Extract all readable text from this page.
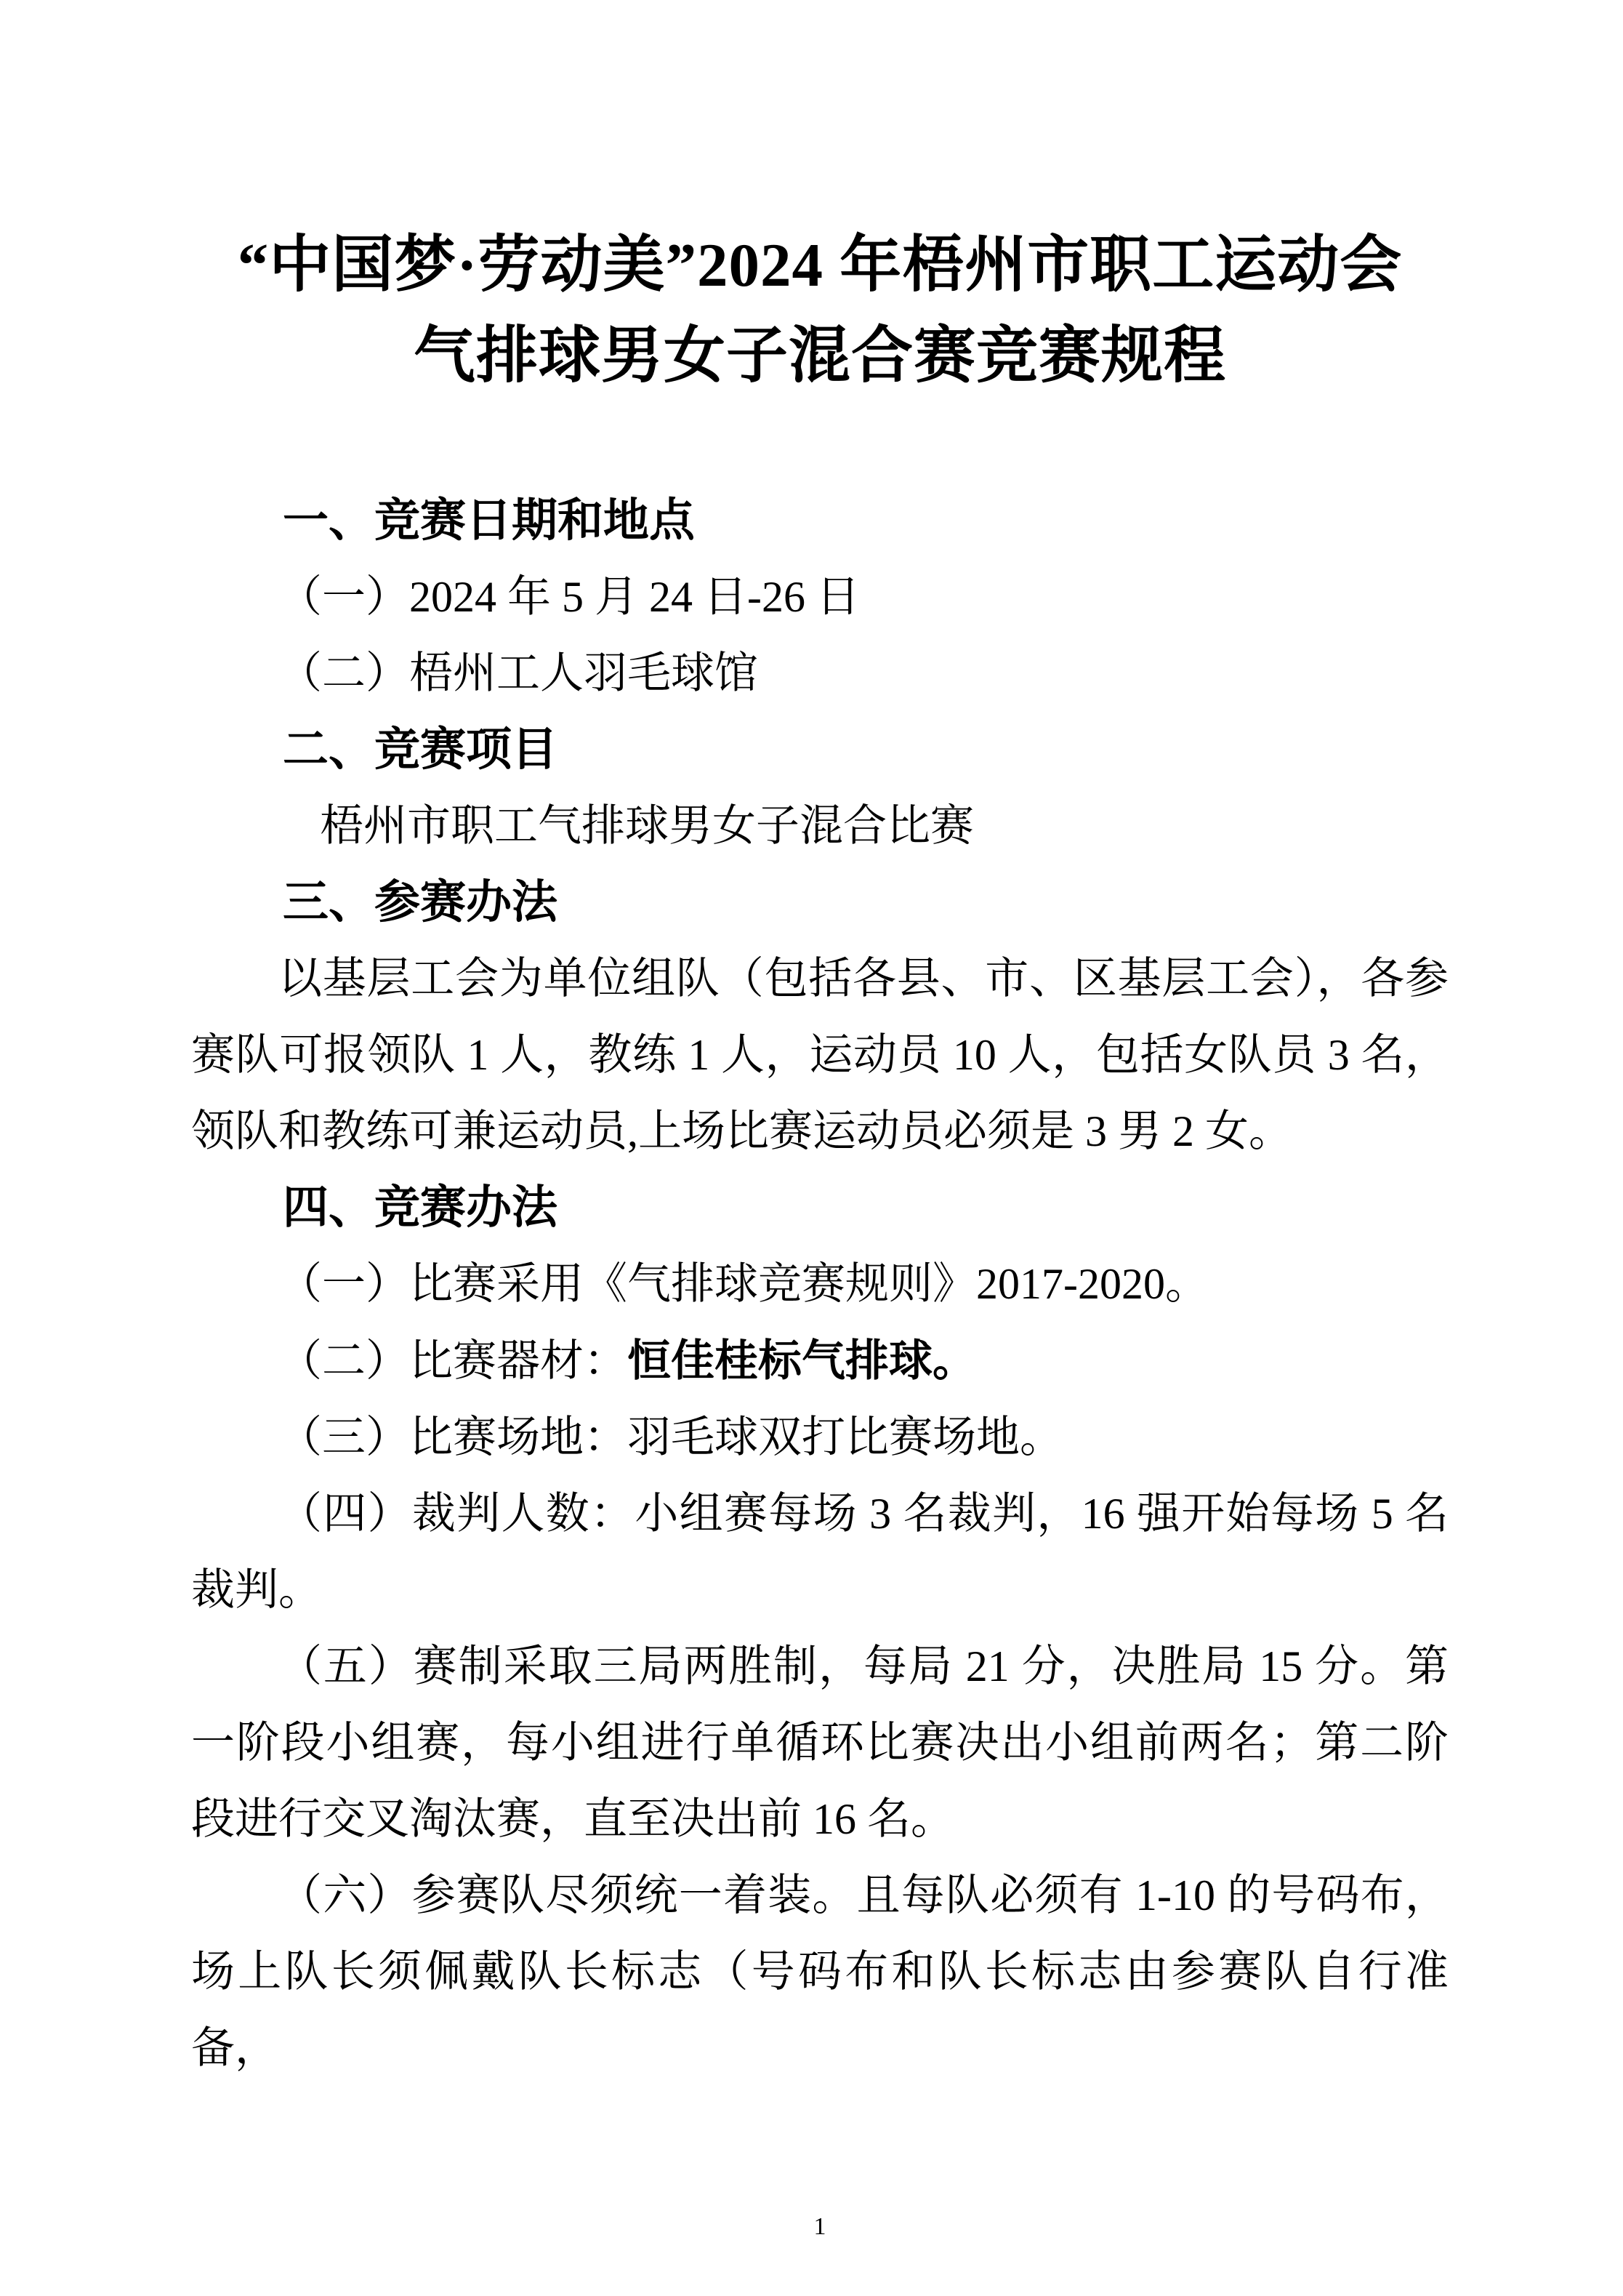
“中国梦·劳动美”2024 年梧州市职工运动会
气排球男女子混合赛竞赛规程
一、竞赛日期和地点

（一）2024 年 5 月 24 日-26 日

（二）梧州工人羽毛球馆

二、竞赛项目

梧州市职工气排球男女子混合比赛

三、参赛办法

以基层工会为单位组队（包括各县、市、区基层工会），各参赛队可报领队 1 人，教练 1 人，运动员 10 人，包括女队员 3 名，领队和教练可兼运动员,上场比赛运动员必须是 3 男 2 女。

四、竞赛办法

（一）比赛采用《气排球竞赛规则》2017-2020。

（二）比赛器材：恒佳桂标气排球。

（三）比赛场地：羽毛球双打比赛场地。

（四）裁判人数：小组赛每场 3 名裁判，16 强开始每场 5 名裁判。

（五）赛制采取三局两胜制，每局 21 分，决胜局 15 分。第一阶段小组赛，每小组进行单循环比赛决出小组前两名；第二阶段进行交叉淘汰赛，直至决出前 16 名。

（六）参赛队尽须统一着装。且每队必须有 1-10 的号码布，场上队长须佩戴队长标志（号码布和队长标志由参赛队自行准备，

1
